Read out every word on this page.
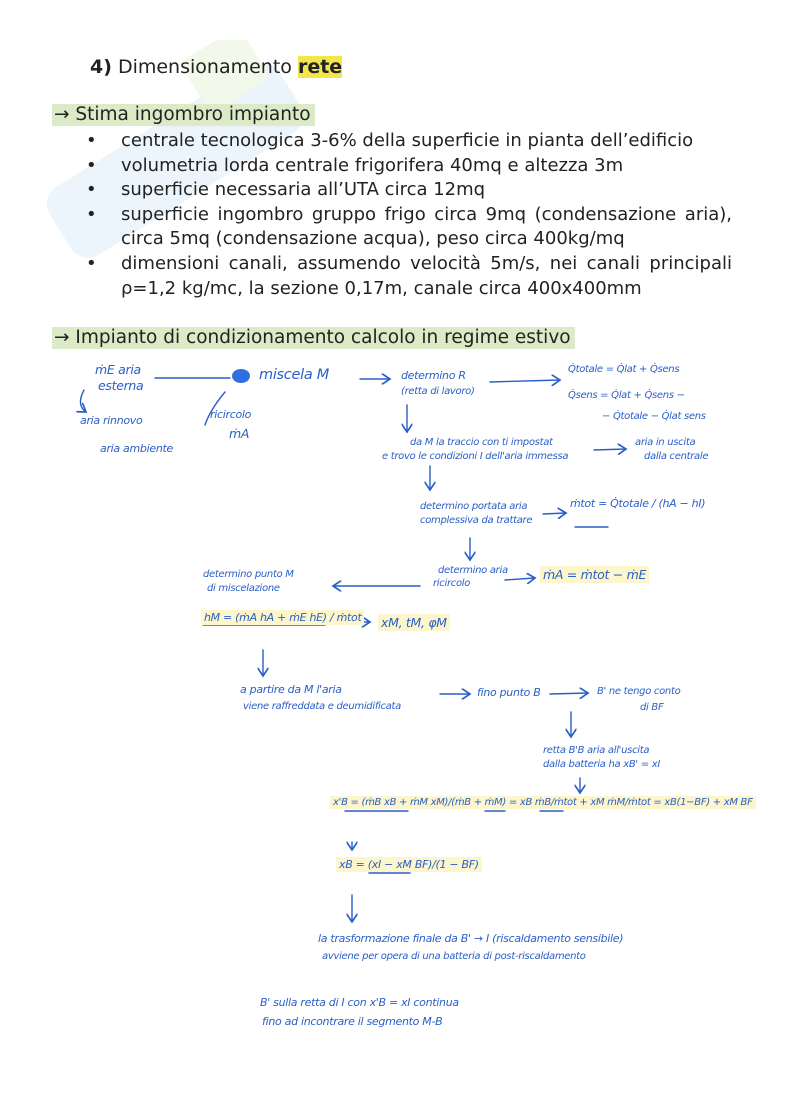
4) Dimensionamento rete
→ Stima ingombro impianto
• centrale tecnologica 3-6% della superficie in pianta dell’edificio
• volumetria lorda centrale frigorifera 40mq e altezza 3m
• superficie necessaria all’UTA circa 12mq
• superficie ingombro gruppo frigo circa 9mq (condensazione aria), circa 5mq (condensazione acqua), peso circa 400kg/mq
• dimensioni canali, assumendo velocità 5m/s, nei canali principali ρ=1,2 kg/mc, la sezione 0,17m, canale circa 400x400mm
→ Impianto di condizionamento calcolo in regime estivo
ṁE aria
esterna
aria rinnovo
aria ambiente
miscela M
ricircolo
ṁA
determino R
(retta di lavoro)
Q̇totale = Q̇lat + Q̇sens
Q̇sens = Q̇lat + Q̇sens −
− Q̇totale − Q̇lat sens
da M la traccio con ti impostat
e trovo le condizioni I dell'aria immessa
aria in uscita
dalla centrale
determino portata aria
complessiva da trattare
ṁtot = Q̇totale / (hA − hI)
determino aria
ricircolo
ṁA = ṁtot − ṁE
determino punto M
di miscelazione
hM = (ṁA hA + ṁE hE) / ṁtot xM, tM, φM
a partire da M l'aria
viene raffreddata e deumidificata
fino punto B	B' ne tengo conto
di BF
retta B'B aria all'uscita
dalla batteria ha xB' = xI
x'B = (ṁB xB + ṁM xM)/(ṁB + ṁM) = xB ṁB/ṁtot + xM ṁM/ṁtot = xB(1−BF) + xM BF
xB = (xI − xM BF)/(1 − BF)
la trasformazione finale da B' → I (riscaldamento sensibile)
avviene per opera di una batteria di post-riscaldamento
B' sulla retta di I con x'B = xI continua
fino ad incontrare il segmento M-B
